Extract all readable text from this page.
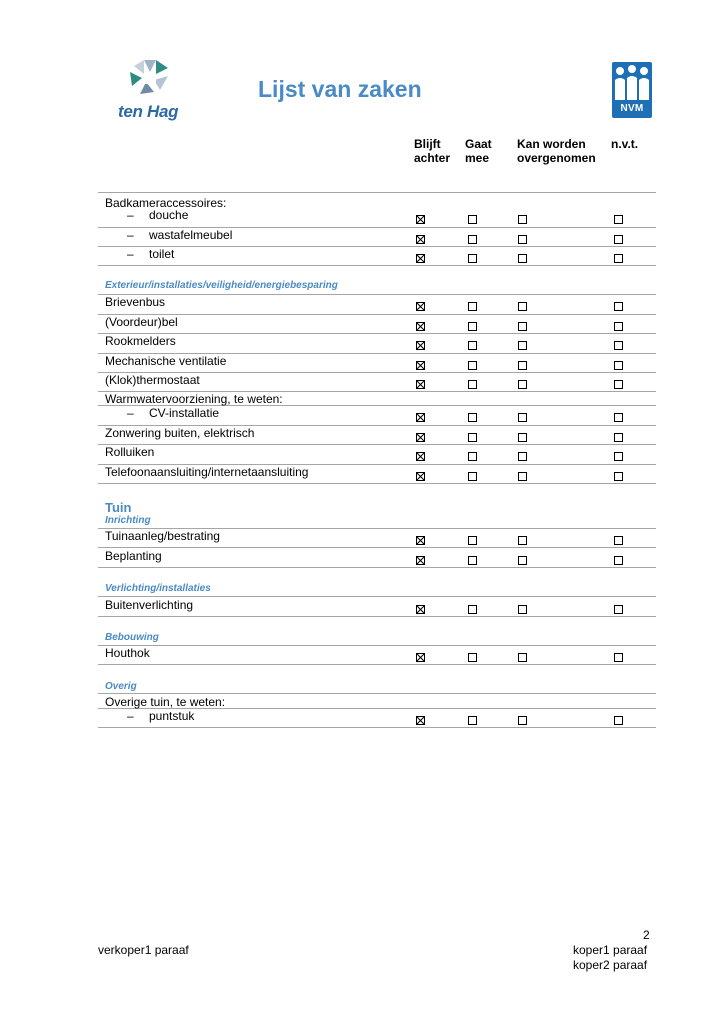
ten Hag
Lijst van zaken
NVM
Blijft
achter
Gaat
mee
Kan worden
overgenomen
n.v.t.
Badkameraccessoires:
– douche
– wastafelmeubel
– toilet
Exterieur/installaties/veiligheid/energiebesparing
Brievenbus
(Voordeur)bel
Rookmelders
Mechanische ventilatie
(Klok)thermostaat
Warmwatervoorziening, te weten:
– CV-installatie
Zonwering buiten, elektrisch
Rolluiken
Telefoonaansluiting/internetaansluiting
Tuin
Inrichting
Tuinaanleg/bestrating
Beplanting
Verlichting/installaties
Buitenverlichting
Bebouwing
Houthok
Overig
Overige tuin, te weten:
– puntstuk
2
verkoper1 paraaf	koper1 paraaf
koper2 paraaf
